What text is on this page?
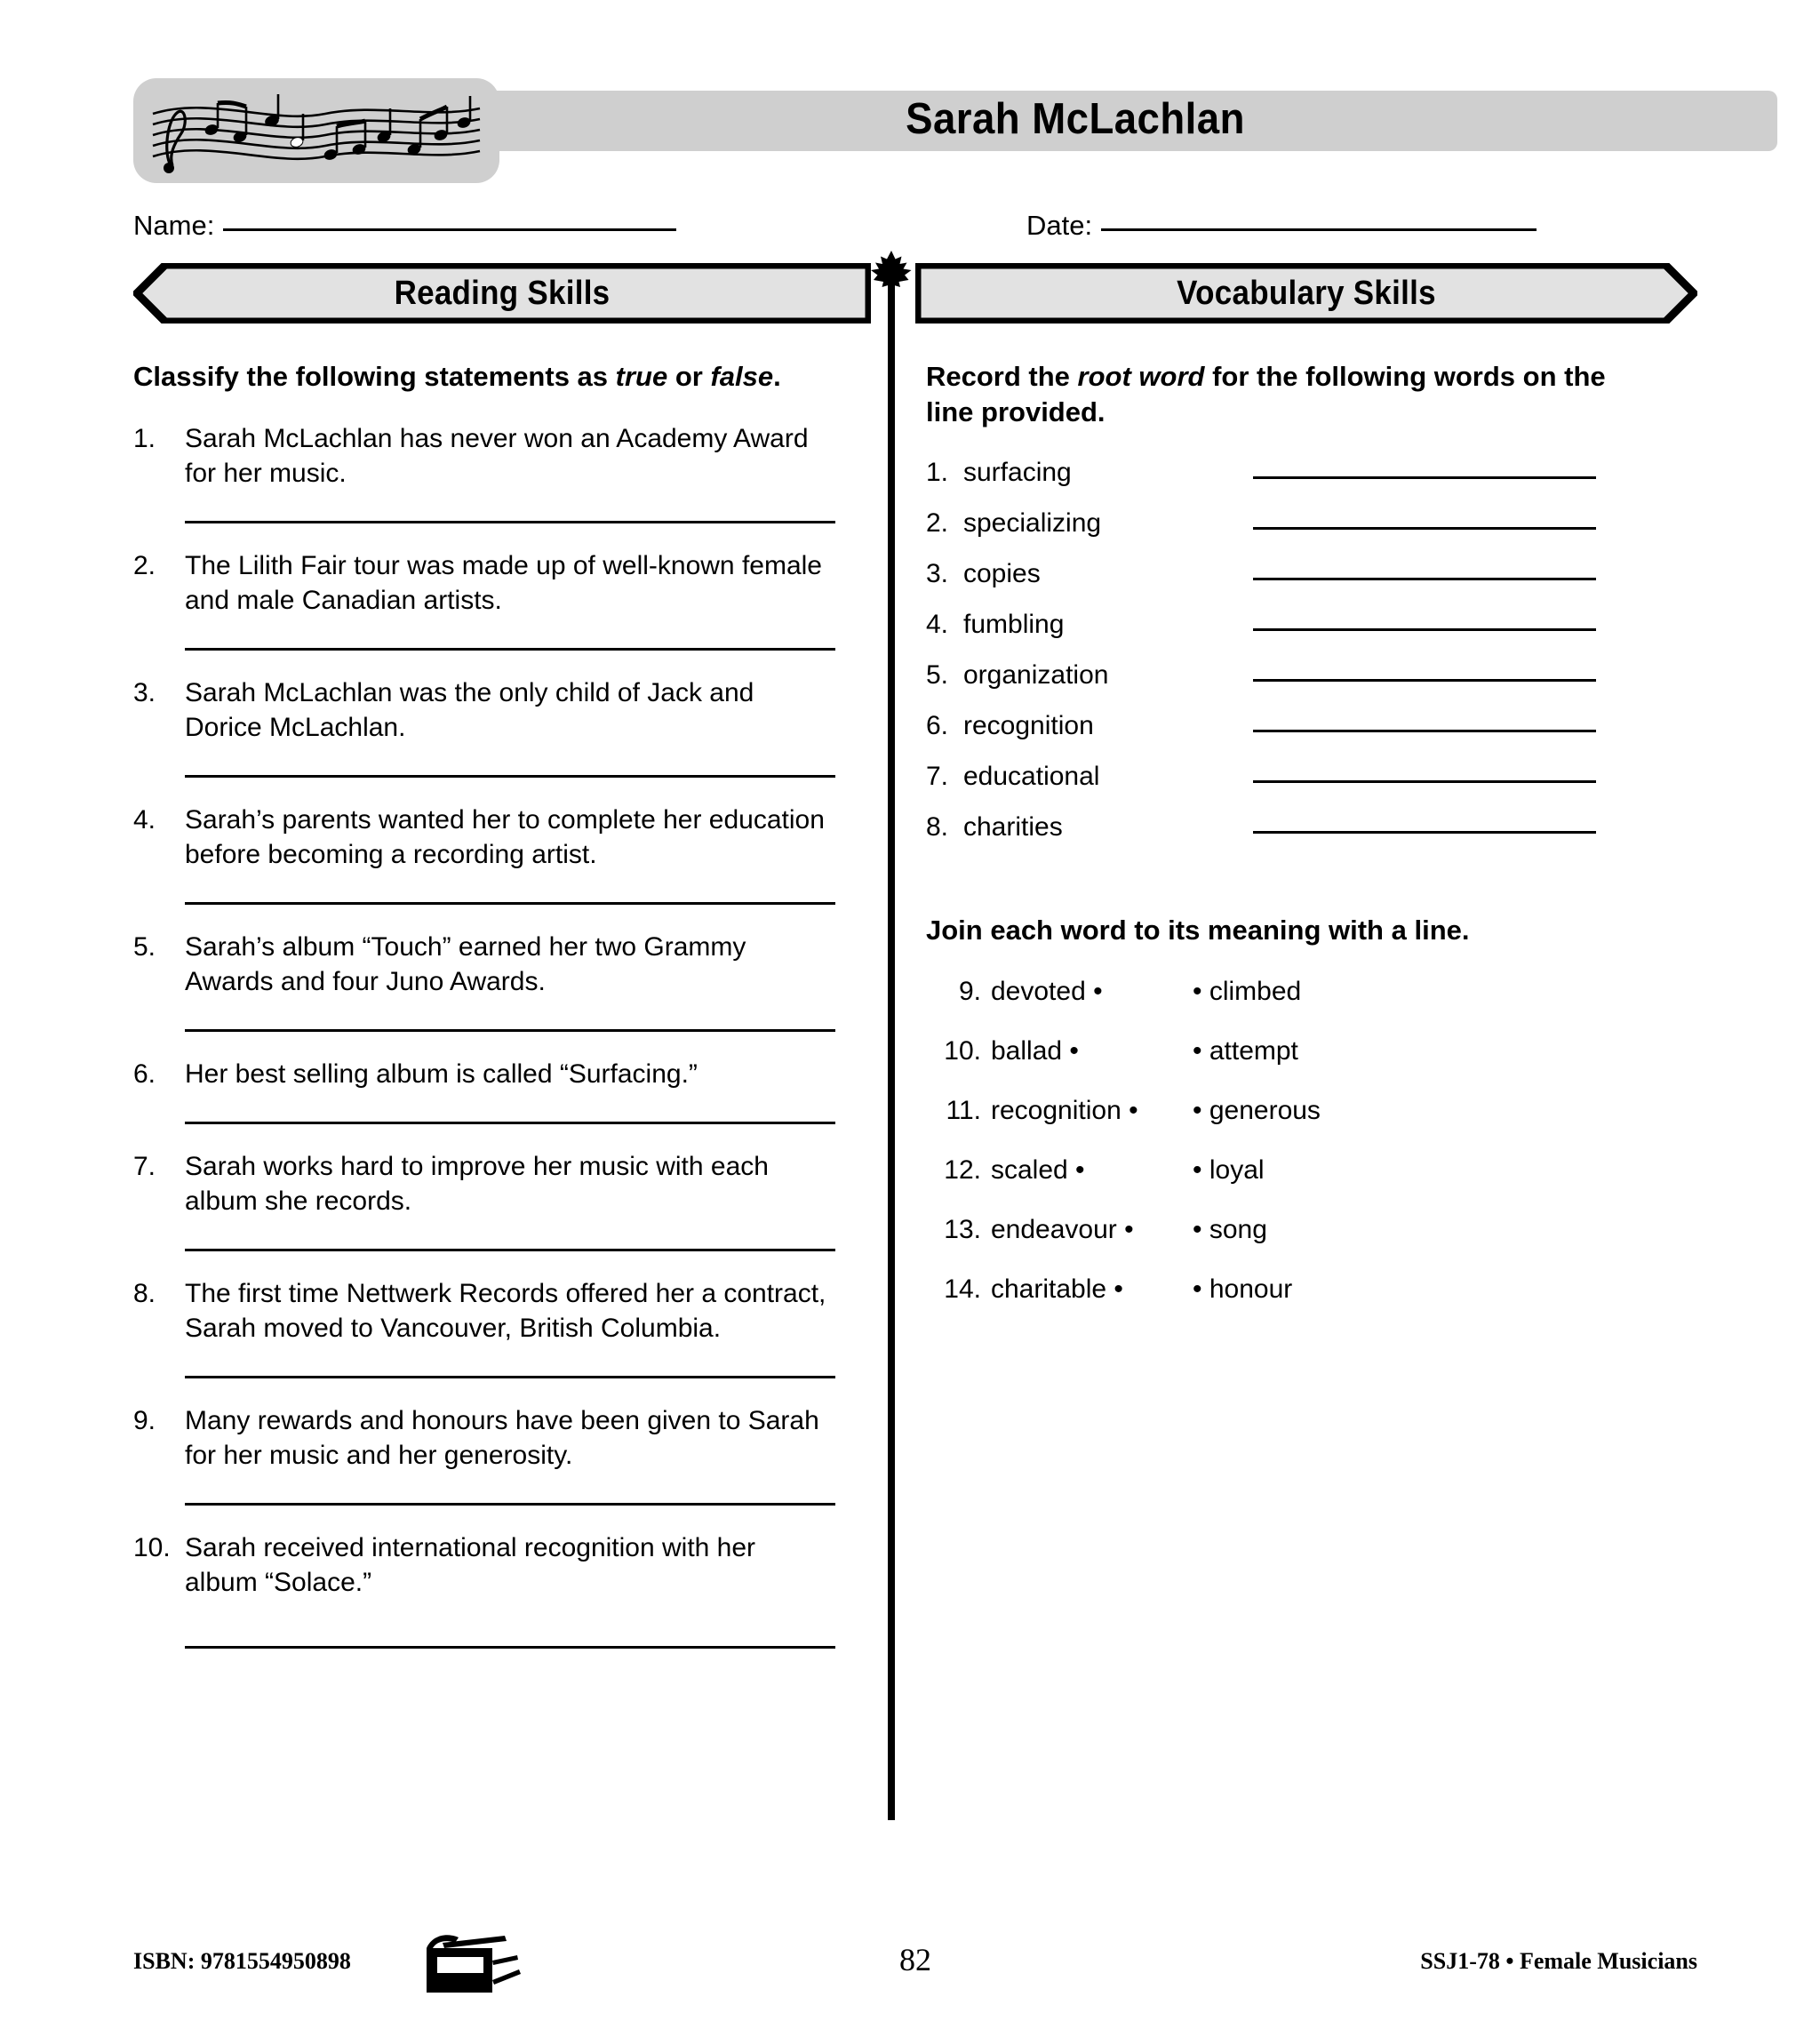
Sarah McLachlan
Name:	Date:
Reading Skills	Vocabulary Skills

Classify the following statements as true or false.

1.	Sarah McLachlan has never won an Academy Award for her music.
2.	The Lilith Fair tour was made up of well-known female and male Canadian artists.
3.	Sarah McLachlan was the only child of Jack and Dorice McLachlan.
4.	Sarah’s parents wanted her to complete her education before becoming a recording artist.
5.	Sarah’s album “Touch” earned her two Grammy Awards and four Juno Awards.
6.	Her best selling album is called “Surfacing.”
7.	Sarah works hard to improve her music with each album she records.
8.	The first time Nettwerk Records offered her a contract, Sarah moved to Vancouver, British Columbia.
9.	Many rewards and honours have been given to Sarah for her music and her generosity.
10. Sarah received international recognition with her album “Solace.”

Record the root word for the following words on the line provided.

1. surfacing
2. specializing
3. copies
4. fumbling
5. organization
6. recognition
7. educational
8. charities

Join each word to its meaning with a line.

9. devoted •	• climbed
10. ballad •	• attempt
11. recognition • • generous
12. scaled •	• loyal
13. endeavour • • song
14. charitable •	• honour
ISBN: 9781554950898	82	SSJ1-78 • Female Musicians
